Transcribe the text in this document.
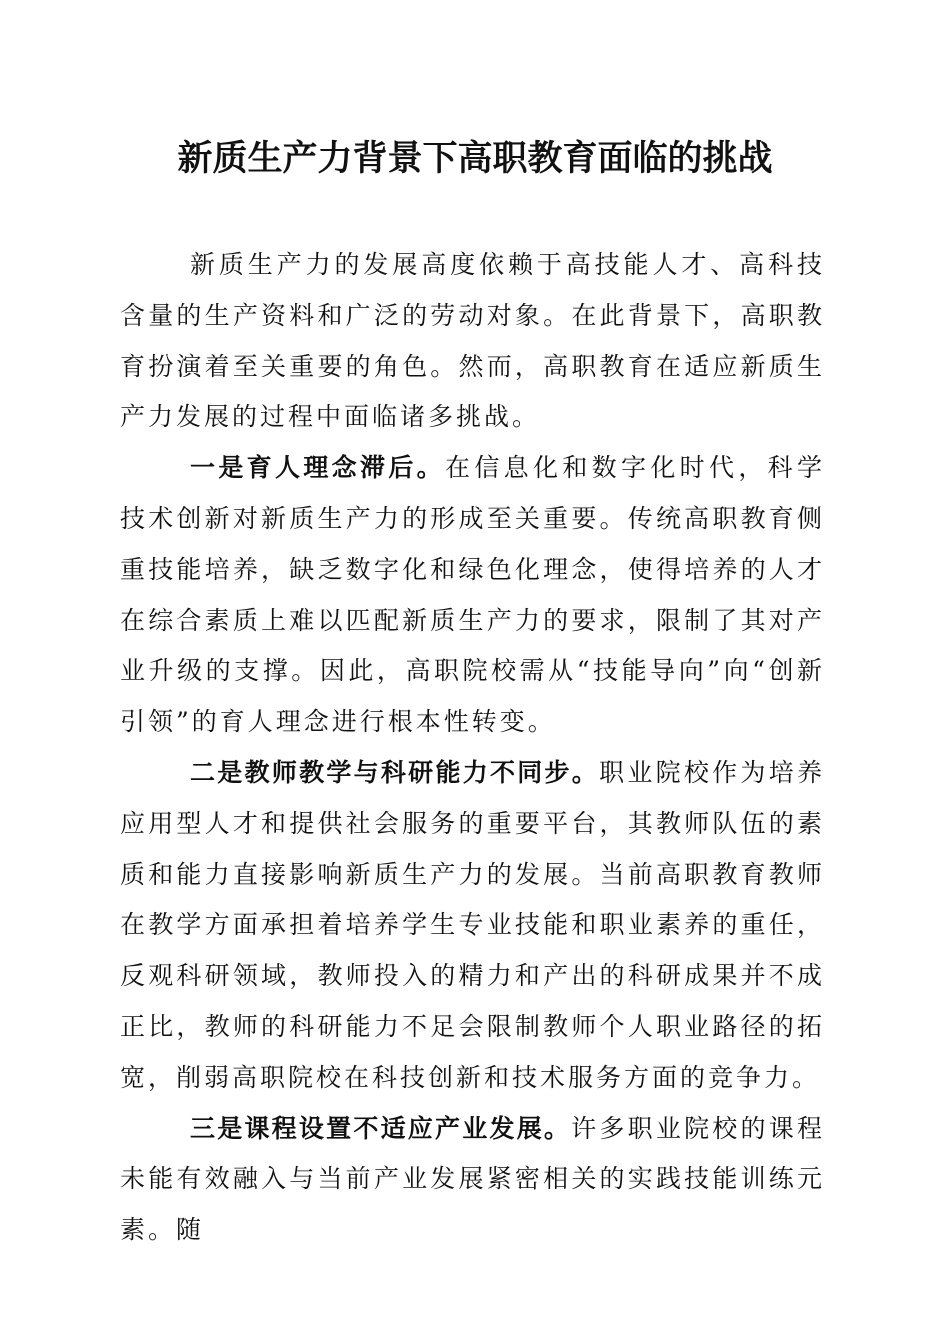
新质生产力背景下高职教育面临的挑战

新质生产力的发展高度依赖于高技能人才、高科技含量的生产资料和广泛的劳动对象。在此背景下，高职教育扮演着至关重要的角色。然而，高职教育在适应新质生产力发展的过程中面临诸多挑战。

一是育人理念滞后。在信息化和数字化时代，科学技术创新对新质生产力的形成至关重要。传统高职教育侧重技能培养，缺乏数字化和绿色化理念，使得培养的人才在综合素质上难以匹配新质生产力的要求，限制了其对产业升级的支撑。因此，高职院校需从“技能导向”向“创新引领”的育人理念进行根本性转变。

二是教师教学与科研能力不同步。职业院校作为培养应用型人才和提供社会服务的重要平台，其教师队伍的素质和能力直接影响新质生产力的发展。当前高职教育教师在教学方面承担着培养学生专业技能和职业素养的重任，反观科研领域，教师投入的精力和产出的科研成果并不成正比，教师的科研能力不足会限制教师个人职业路径的拓宽，削弱高职院校在科技创新和技术服务方面的竞争力。

三是课程设置不适应产业发展。许多职业院校的课程未能有效融入与当前产业发展紧密相关的实践技能训练元素。随
